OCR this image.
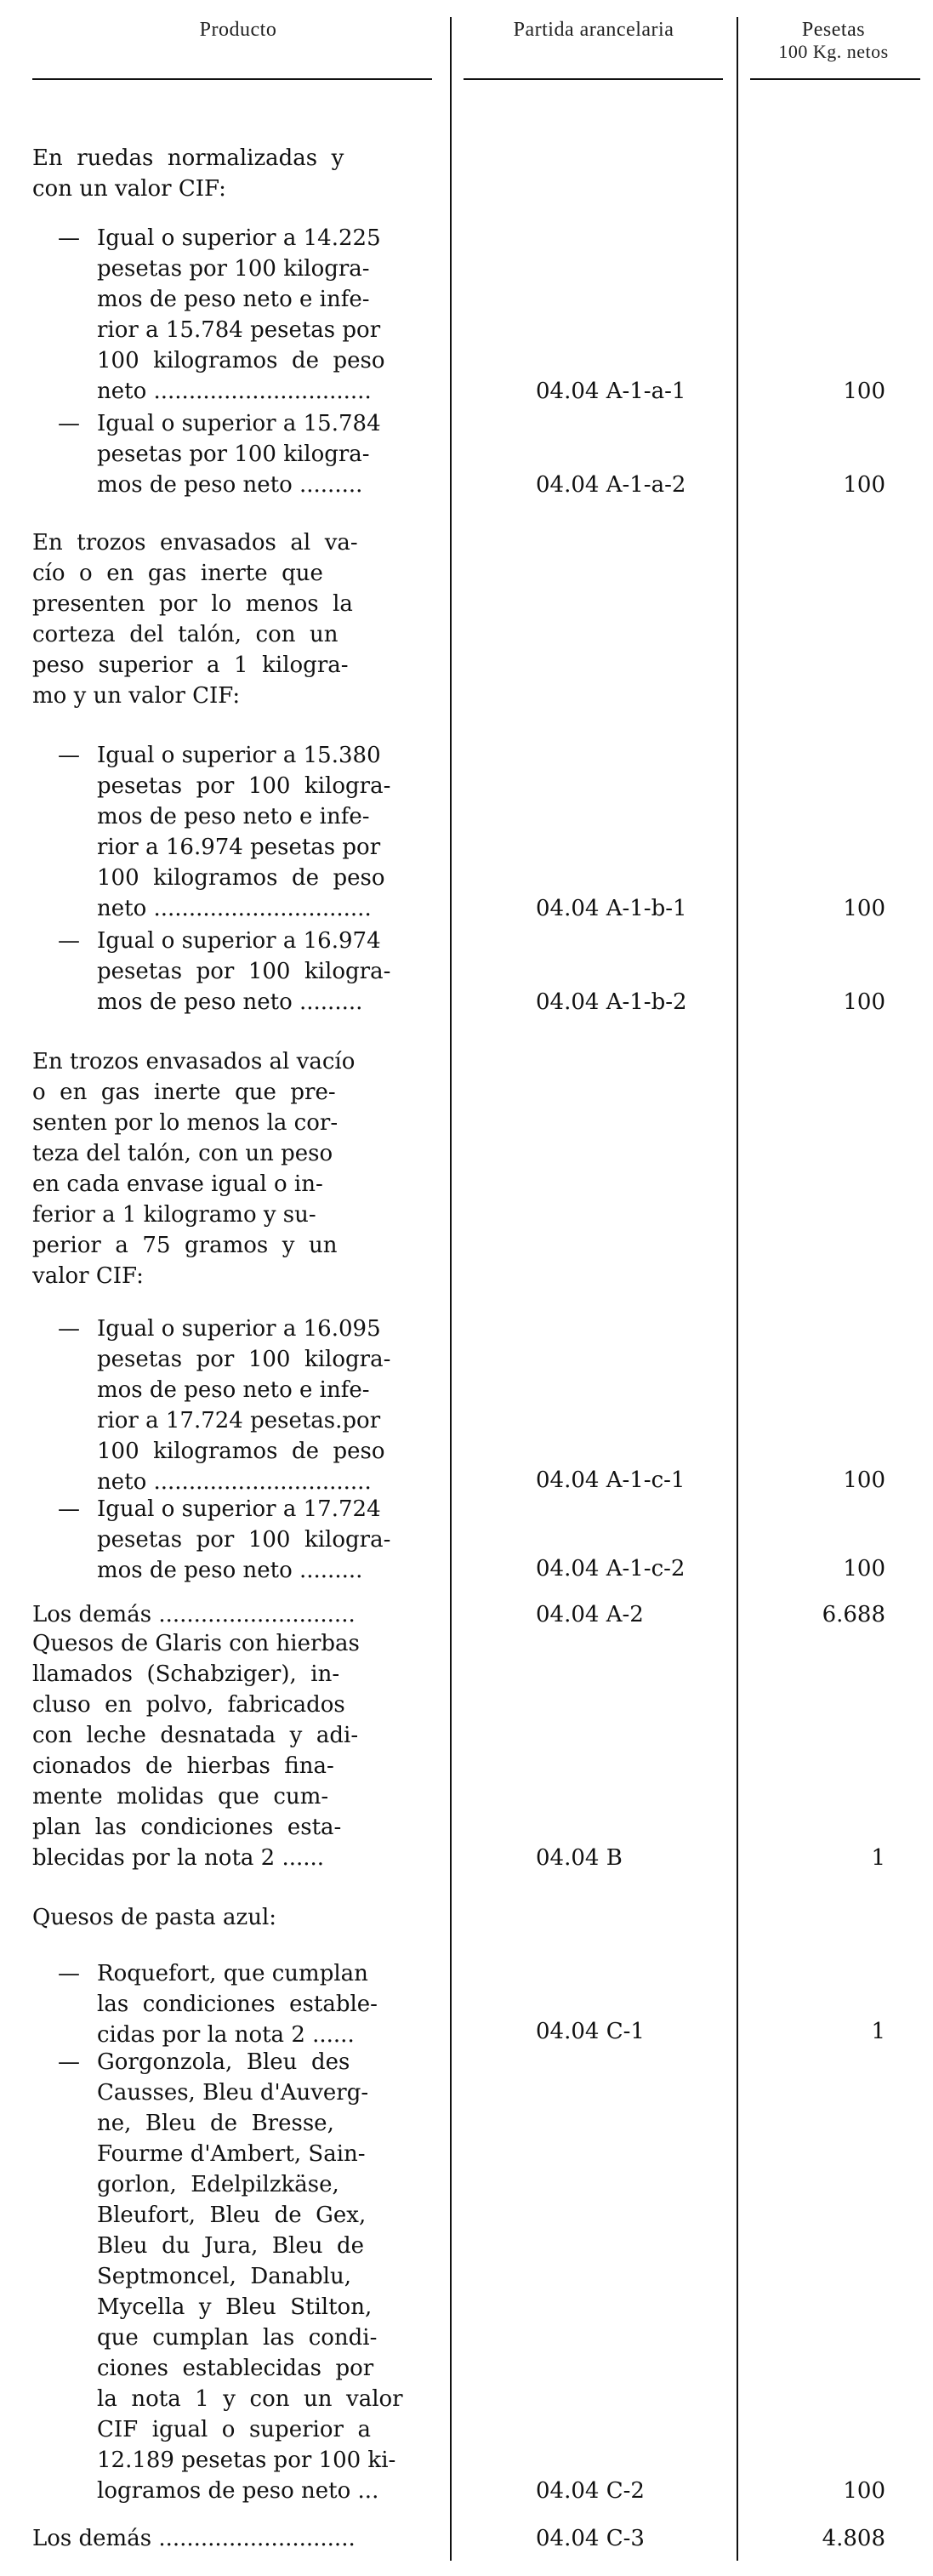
Producto	Partida arancelaria	Pesetas
100 Kg. netos
En  ruedas  normalizadas  y
con un valor CIF:
— Igual o superior a 14.225
pesetas por 100 kilogra-
mos de peso neto e infe-
rior a 15.784 pesetas por
100  kilogramos  de  peso
neto ...............................	04.04 A-1-a-1	100
— Igual o superior a 15.784
pesetas por 100 kilogra-
mos de peso neto .........	04.04 A-1-a-2	100
En  trozos  envasados  al  va-
cío  o  en  gas  inerte  que
presenten  por  lo  menos  la
corteza  del  talón,  con  un
peso  superior  a  1  kilogra-
mo y un valor CIF:
— Igual o superior a 15.380
pesetas  por  100  kilogra-
mos de peso neto e infe-
rior a 16.974 pesetas por
100  kilogramos  de  peso
neto ...............................	04.04 A-1-b-1	100
— Igual o superior a 16.974
pesetas  por  100  kilogra-
mos de peso neto .........	04.04 A-1-b-2	100
En trozos envasados al vacío
o  en  gas  inerte  que  pre-
senten por lo menos la cor-
teza del talón, con un peso
en cada envase igual o in-
ferior a 1 kilogramo y su-
perior  a  75  gramos  y  un
valor CIF:
— Igual o superior a 16.095
pesetas  por  100  kilogra-
mos de peso neto e infe-
rior a 17.724 pesetas.por
100  kilogramos  de  peso
neto ...............................	04.04 A-1-c-1	100
— Igual o superior a 17.724
pesetas  por  100  kilogra-
mos de peso neto .........	04.04 A-1-c-2	100
Los demás ............................	04.04 A-2	6.688
Quesos de Glaris con hierbas
llamados  (Schabziger),  in-
cluso  en  polvo,  fabricados
con  leche  desnatada  y  adi-
cionados  de  hierbas  fina-
mente  molidas  que  cum-
plan  las  condiciones  esta-
blecidas por la nota 2 ......	04.04 B	1
Quesos de pasta azul:
— Roquefort, que cumplan
las  condiciones  estable-
cidas por la nota 2 ......	04.04 C-1	1
— Gorgonzola,  Bleu  des
Causses, Bleu d'Auverg-
ne,  Bleu  de  Bresse,
Fourme d'Ambert, Sain-
gorlon,  Edelpilzkäse,
Bleufort,  Bleu  de  Gex,
Bleu  du  Jura,  Bleu  de
Septmoncel,  Danablu,
Mycella  y  Bleu  Stilton,
que  cumplan  las  condi-
ciones  establecidas  por
la  nota  1  y  con  un  valor
CIF  igual  o  superior  a
12.189 pesetas por 100 ki-
logramos de peso neto ...	04.04 C-2	100
Los demás ............................	04.04 C-3	4.808
